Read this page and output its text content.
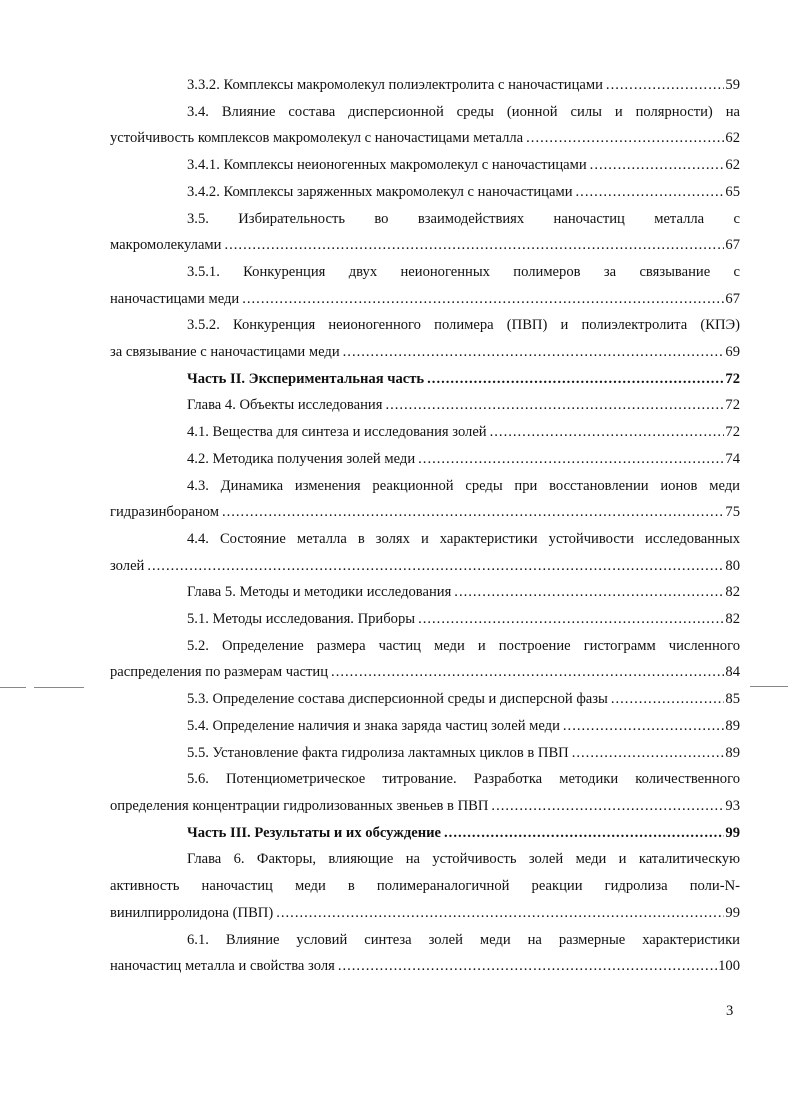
3.3.2. Комплексы макромолекул полиэлектролита с наночастицами .....	59
3.4. Влияние состава дисперсионной среды (ионной силы и полярности) на
устойчивость комплексов макромолекул с наночастицами металла .....	62
3.4.1. Комплексы неионогенных макромолекул с наночастицами .....	62
3.4.2. Комплексы заряженных макромолекул с наночастицами .....	65
3.5. Избирательность во взаимодействиях наночастиц металла с
макромолекулами .....	67
3.5.1. Конкуренция двух неионогенных полимеров за связывание с
наночастицами меди .....	67
3.5.2. Конкуренция неионогенного полимера (ПВП) и полиэлектролита (КПЭ)
за связывание с наночастицами меди .....	69
Часть II. Экспериментальная часть .....	72
Глава 4. Объекты исследования .....	72
4.1. Вещества для синтеза и исследования золей .....	72
4.2. Методика получения золей меди .....	74
4.3. Динамика изменения реакционной среды при восстановлении ионов меди
гидразинбораном .....	75
4.4. Состояние металла в золях и характеристики устойчивости исследованных
золей .....	80
Глава 5. Методы и методики исследования .....	82
5.1. Методы исследования. Приборы .....	82
5.2. Определение размера частиц меди и построение гистограмм численного
распределения по размерам частиц .....	84
5.3. Определение состава дисперсионной среды и дисперсной фазы .....	85
5.4. Определение наличия и знака заряда частиц золей меди .....	89
5.5. Установление факта гидролиза лактамных циклов в ПВП .....	89
5.6. Потенциометрическое титрование. Разработка методики количественного
определения концентрации гидролизованных звеньев в ПВП .....	93
Часть III. Результаты и их обсуждение .....	99
Глава 6. Факторы, влияющие на устойчивость золей меди и каталитическую
активность наночастиц меди в полимераналогичной реакции гидролиза поли-N-
винилпирролидона (ПВП) .....	99
6.1. Влияние условий синтеза золей меди на размерные характеристики
наночастиц металла и свойства золя .....	100
3
